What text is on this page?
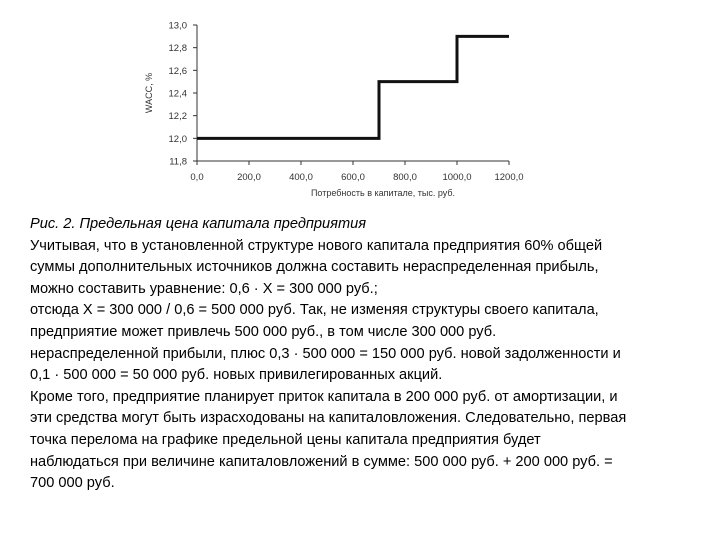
11,8
12,0
12,2
12,4
12,6
12,8
13,0
0,0	200,0	400,0	600,0	800,0	1000,0 1200,0
WACC, %
Потребность в капитале, тыс. руб.

Рис. 2. Предельная цена капитала предприятия

Учитывая, что в установленной структуре нового капитала предприятия 60% общей

суммы дополнительных источников должна составить нераспределенная прибыль,

можно составить уравнение: 0,6 · X = 300 000 руб.;

отсюда X = 300 000 / 0,6 = 500 000 руб. Так, не изменяя структуры своего капитала,

предприятие может привлечь 500 000 руб., в том числе 300 000 руб.

нераспределенной прибыли, плюс 0,3 · 500 000 = 150 000 руб. новой задолженности и

0,1 · 500 000 = 50 000 руб. новых привилегированных акций.

Кроме того, предприятие планирует приток капитала в 200 000 руб. от амортизации, и

эти средства могут быть израсходованы на капиталовложения. Следовательно, первая

точка перелома на графике предельной цены капитала предприятия будет

наблюдаться при величине капиталовложений в сумме: 500 000 руб. + 200 000 руб. =

700 000 руб.
